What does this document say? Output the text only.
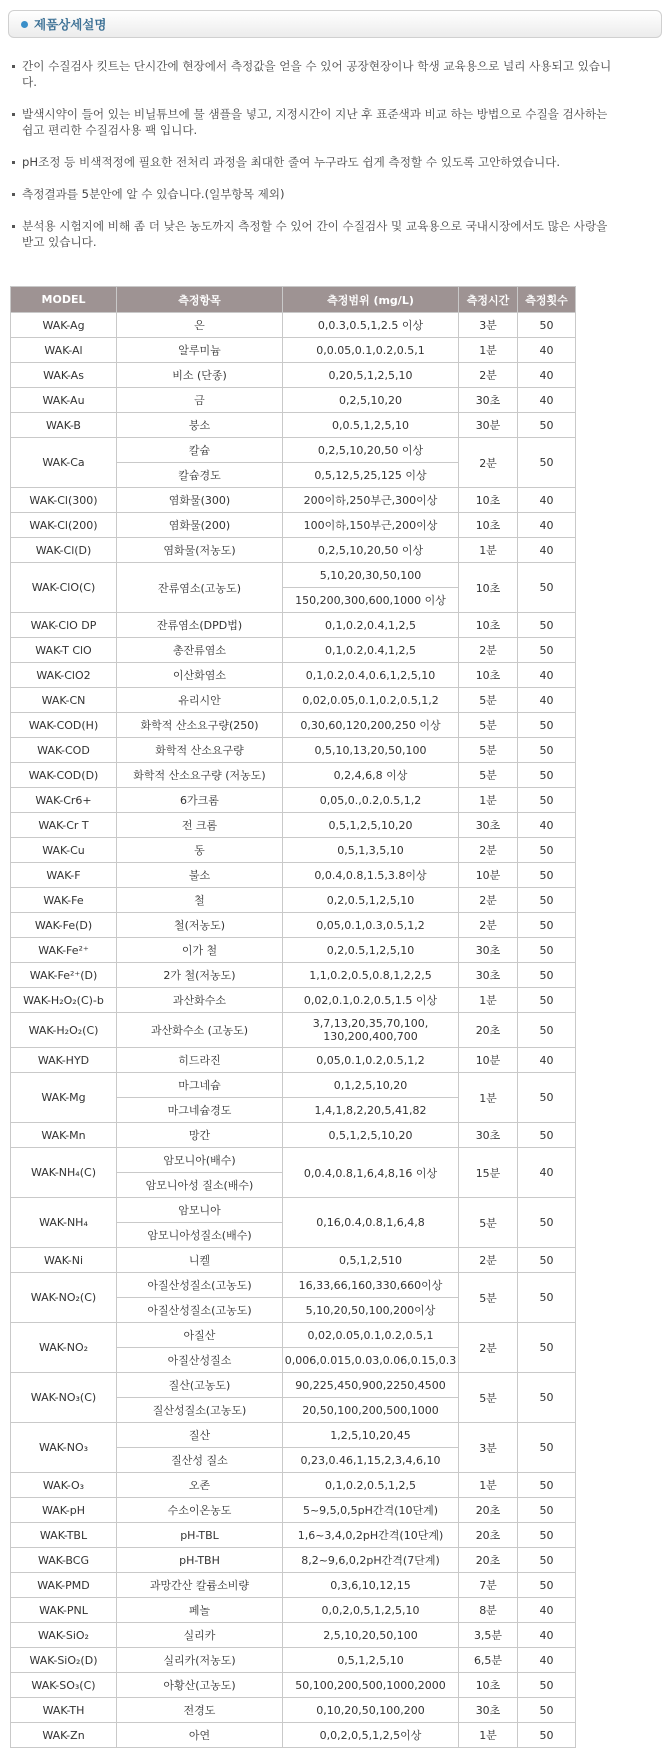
제품상세설명

간이 수질검사 킷트는 단시간에 현장에서 측정값을 얻을 수 있어 공장현장이나 학생 교육용으로 널리 사용되고 있습니다.

발색시약이 들어 있는 비닐튜브에 물 샘플을 넣고, 지정시간이 지난 후 표준색과 비교 하는 방법으로 수질을 검사하는 쉽고 편리한 수질검사용 팩 입니다.

pH조정 등 비색적정에 필요한 전처리 과정을 최대한 줄여 누구라도 쉽게 측정할 수 있도록 고안하였습니다.

측정결과를 5분안에 알 수 있습니다.(일부항목 제외)

분석용 시험지에 비해 좀 더 낮은 농도까지 측정할 수 있어 간이 수질검사 및 교육용으로 국내시장에서도 많은 사랑을 받고 있습니다.

MODEL	측정항목	측정범위 (mg/L)	측정시간	측정횟수
WAK-Ag	은	0,0.3,0.5,1,2.5 이상	3분	50
WAK-Al	알루미늄	0,0.05,0.1,0.2,0.5,1	1분	40
WAK-As	비소 (단종)	0,20,5,1,2,5,10	2분	40
WAK-Au	금	0,2,5,10,20	30초	40
WAK-B	붕소	0,0.5,1,2,5,10	30분	50
WAK-Ca	칼슘	0,2,5,10,20,50 이상	2분	50
	칼슘경도	0,5,12,5,25,125 이상		
WAK-Cl(300)	염화물(300)	200이하,250부근,300이상	10초	40
WAK-Cl(200)	염화물(200)	100이하,150부근,200이상	10초	40
WAK-Cl(D)	염화물(저농도)	0,2,5,10,20,50 이상	1분	40
WAK-ClO(C)	잔류염소(고농도)	5,10,20,30,50,100	10초	50
		150,200,300,600,1000 이상		
WAK-ClO DP	잔류염소(DPD법)	0,1,0.2,0.4,1,2,5	10초	50
WAK-T ClO	총잔류염소	0,1,0.2,0.4,1,2,5	2분	50
WAK-ClO2	이산화염소	0,1,0.2,0.4,0.6,1,2,5,10	10초	40
WAK-CN	유리시안	0,02,0.05,0.1,0.2,0.5,1,2	5분	40
WAK-COD(H)	화학적 산소요구량(250)	0,30,60,120,200,250 이상	5분	50
WAK-COD	화학적 산소요구량	0,5,10,13,20,50,100	5분	50
WAK-COD(D)	화학적 산소요구량 (저농도)	0,2,4,6,8 이상	5분	50
WAK-Cr6+	6가크롬	0,05,0.,0.2,0.5,1,2	1분	50
WAK-Cr T	전 크롬	0,5,1,2,5,10,20	30초	40
WAK-Cu	동	0,5,1,3,5,10	2분	50
WAK-F	불소	0,0.4,0.8,1.5,3.8이상	10분	50
WAK-Fe	철	0,2,0.5,1,2,5,10	2분	50
WAK-Fe(D)	철(저농도)	0,05,0.1,0.3,0.5,1,2	2분	50
WAK-Fe²⁺	이가 철	0,2,0.5,1,2,5,10	30초	50
WAK-Fe²⁺(D)	2가 철(저농도)	1,1,0.2,0.5,0.8,1,2,2,5	30초	50
WAK-H₂O₂(C)-b	과산화수소	0,02,0.1,0.2,0.5,1.5 이상	1분	50
WAK-H₂O₂(C)	과산화수소 (고농도)	3,7,13,20,35,70,100, 130,200,400,700	20초	50
WAK-HYD	히드라진	0,05,0.1,0.2,0.5,1,2	10분	40
WAK-Mg	마그네슘	0,1,2,5,10,20	1분	50
	마그네슘경도	1,4,1,8,2,20,5,41,82		
WAK-Mn	망간	0,5,1,2,5,10,20	30초	50
WAK-NH₄(C)	암모니아(배수)	0,0.4,0.8,1,6,4,8,16 이상	15분	40
	암모니아성 질소(배수)			
WAK-NH₄	암모니아	0,16,0.4,0.8,1,6,4,8	5분	50
	암모니아성질소(배수)			
WAK-Ni	니켈	0,5,1,2,510	2분	50
WAK-NO₂(C)	아질산성질소(고농도)	16,33,66,160,330,660이상	5분	50
	아질산성질소(고농도)	5,10,20,50,100,200이상		
WAK-NO₂	아질산	0,02,0.05,0.1,0.2,0.5,1	2분	50
	아질산성질소	0,006,0.015,0.03,0.06,0.15,0.3		
WAK-NO₃(C)	질산(고농도)	90,225,450,900,2250,4500	5분	50
	질산성질소(고농도)	20,50,100,200,500,1000		
WAK-NO₃	질산	1,2,5,10,20,45	3분	50
	질산성 질소	0,23,0.46,1,15,2,3,4,6,10		
WAK-O₃	오존	0,1,0.2,0.5,1,2,5	1분	50
WAK-pH	수소이온농도	5~9,5,0,5pH간격(10단계)	20초	50
WAK-TBL	pH-TBL	1,6~3,4,0,2pH간격(10단계)	20초	50
WAK-BCG	pH-TBH	8,2~9,6,0,2pH간격(7단계)	20초	50
WAK-PMD	과망간산 칼륨소비량	0,3,6,10,12,15	7분	50
WAK-PNL	페놀	0,0,2,0,5,1,2,5,10	8분	40
WAK-SiO₂	실리카	2,5,10,20,50,100	3,5분	40
WAK-SiO₂(D)	실리카(저농도)	0,5,1,2,5,10	6,5분	40
WAK-SO₃(C)	아황산(고농도)	50,100,200,500,1000,2000	10초	50
WAK-TH	전경도	0,10,20,50,100,200	30초	50
WAK-Zn	아연	0,0,2,0,5,1,2,5이상	1분	50
